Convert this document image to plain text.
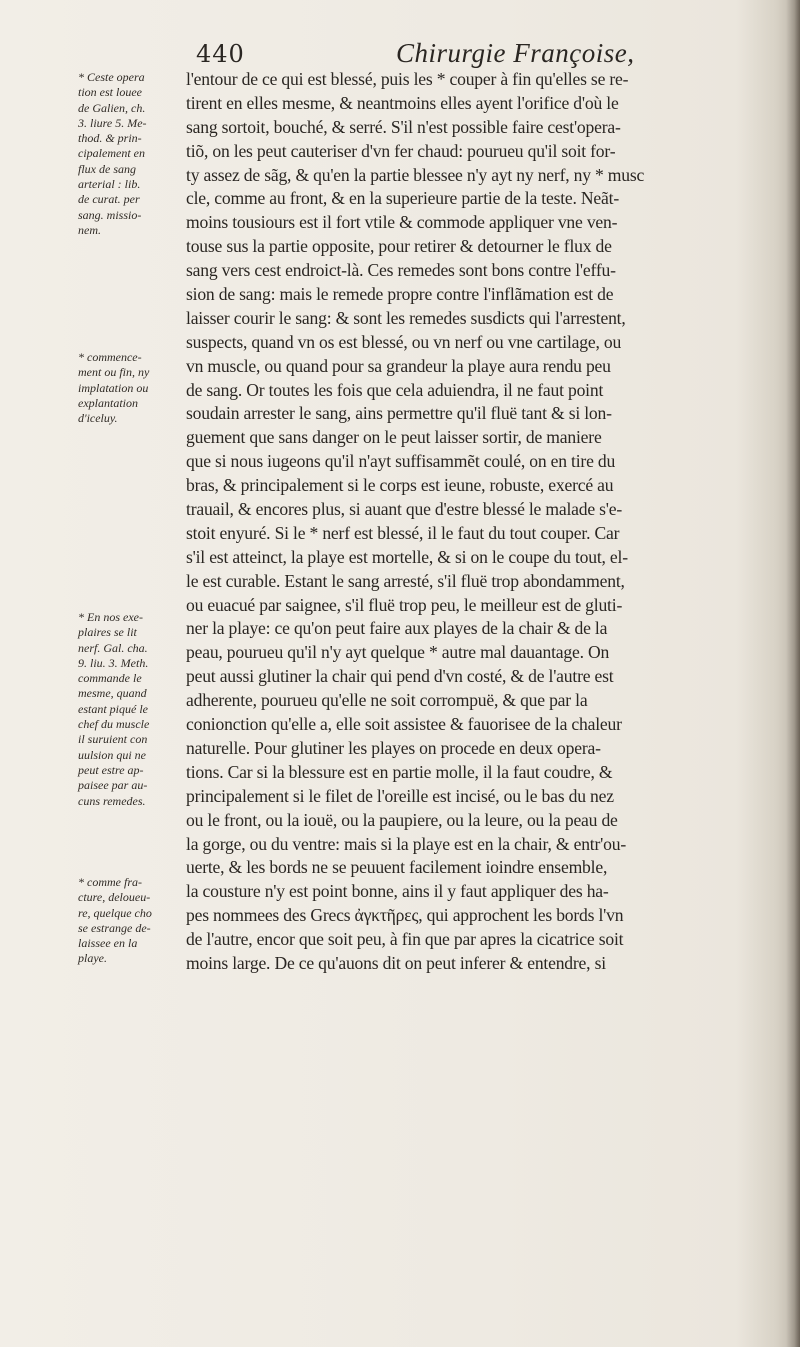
440	Chirurgie Françoise,
* Ceste opera
tion est louee
de Galien, ch.
3. liure 5. Me-
thod. & prin-
cipalement en
flux de sang
arterial : lib.
de curat. per
sang. missio-
nem.
* commence-
ment ou fin, ny
implatation ou
explantation
d'iceluy.
* En nos exe-
plaires se lit
nerf. Gal. cha.
9. liu. 3. Meth.
commande le
mesme, quand
estant piqué le
chef du muscle
il suruient con
uulsion qui ne
peut estre ap-
paisee par au-
cuns remedes.
* comme fra-
cture, deloueu-
re, quelque cho
se estrange de-
laissee en la
playe.
l'entour de ce qui est blessé, puis les * couper à fin qu'elles se re-
tirent en elles mesme, & neantmoins elles ayent l'orifice d'où le
sang sortoit, bouché, & serré. S'il n'est possible faire cest'opera-
tiõ, on les peut cauteriser d'vn fer chaud: pourueu qu'il soit for-
ty assez de sãg, & qu'en la partie blessee n'y ayt ny nerf, ny * musc
cle, comme au front, & en la superieure partie de la teste. Neãt-
moins tousiours est il fort vtile & commode appliquer vne ven-
touse sus la partie opposite, pour retirer & detourner le flux de
sang vers cest endroict-là. Ces remedes sont bons contre l'effu-
sion de sang: mais le remede propre contre l'inflãmation est de
laisser courir le sang: & sont les remedes susdicts qui l'arrestent,
suspects, quand vn os est blessé, ou vn nerf ou vne cartilage, ou
vn muscle, ou quand pour sa grandeur la playe aura rendu peu
de sang. Or toutes les fois que cela aduiendra, il ne faut point
soudain arrester le sang, ains permettre qu'il fluë tant & si lon-
guement que sans danger on le peut laisser sortir, de maniere
que si nous iugeons qu'il n'ayt suffisammẽt coulé, on en tire du
bras, & principalement si le corps est ieune, robuste, exercé au
trauail, & encores plus, si auant que d'estre blessé le malade s'e-
stoit enyuré. Si le * nerf est blessé, il le faut du tout couper. Car
s'il est atteinct, la playe est mortelle, & si on le coupe du tout, el-
le est curable. Estant le sang arresté, s'il fluë trop abondamment,
ou euacué par saignee, s'il fluë trop peu, le meilleur est de gluti-
ner la playe: ce qu'on peut faire aux playes de la chair & de la
peau, pourueu qu'il n'y ayt quelque * autre mal dauantage. On
peut aussi glutiner la chair qui pend d'vn costé, & de l'autre est
adherente, pourueu qu'elle ne soit corrompuë, & que par la
conionction qu'elle a, elle soit assistee & fauorisee de la chaleur
naturelle. Pour glutiner les playes on procede en deux opera-
tions. Car si la blessure est en partie molle, il la faut coudre, &
principalement si le filet de l'oreille est incisé, ou le bas du nez
ou le front, ou la iouë, ou la paupiere, ou la leure, ou la peau de
la gorge, ou du ventre: mais si la playe est en la chair, & entr'ou-
uerte, & les bords ne se peuuent facilement ioindre ensemble,
la cousture n'y est point bonne, ains il y faut appliquer des ha-
pes nommees des Grecs ἀγκτῆρες, qui approchent les bords l'vn
de l'autre, encor que soit peu, à fin que par apres la cicatrice soit
moins large. De ce qu'auons dit on peut inferer & entendre, si
